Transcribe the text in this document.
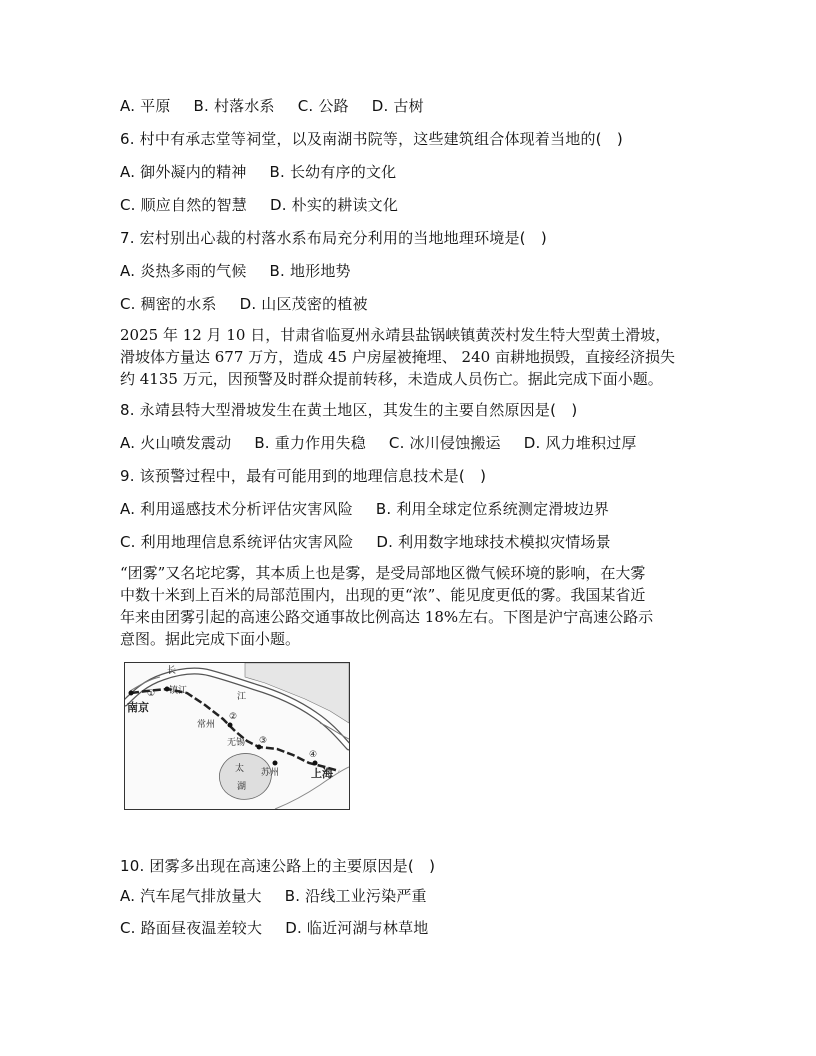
A. 平原 B. 村落水系 C. 公路 D. 古树
6. 村中有承志堂等祠堂，以及南湖书院等，这些建筑组合体现着当地的(　)
A. 御外凝内的精神 B. 长幼有序的文化
C. 顺应自然的智慧 D. 朴实的耕读文化
7. 宏村别出心裁的村落水系布局充分利用的当地地理环境是(　)
A. 炎热多雨的气候 B. 地形地势
C. 稠密的水系 D. 山区茂密的植被

2025 年 12 月 10 日，甘肃省临夏州永靖县盐锅峡镇黄茨村发生特大型黄土滑坡，

滑坡体方量达 677 万方，造成 45 户房屋被掩埋、 240 亩耕地损毁，直接经济损失

约 4135 万元，因预警及时群众提前转移，未造成人员伤亡。据此完成下面小题。

8. 永靖县特大型滑坡发生在黄土地区，其发生的主要自然原因是(　)
A. 火山喷发震动 B. 重力作用失稳 C. 冰川侵蚀搬运 D. 风力堆积过厚
9. 该预警过程中，最有可能用到的地理信息技术是(　)
A. 利用遥感技术分析评估灾害风险 B. 利用全球定位系统测定滑坡边界
C. 利用地理信息系统评估灾害风险 D. 利用数字地球技术模拟灾情场景

“团雾”又名坨坨雾，其本质上也是雾，是受局部地区微气候环境的影响，在大雾

中数十米到上百米的局部范围内，出现的更“浓”、能见度更低的雾。我国某省近

年来由团雾引起的高速公路交通事故比例高达 18%左右。下图是沪宁高速公路示

意图。据此完成下面小题。

长
江
南京
镇江
常州
无锡
苏州	上海
太
湖
①
②
③
④
10. 团雾多出现在高速公路上的主要原因是(　)
A. 汽车尾气排放量大 B. 沿线工业污染严重
C. 路面昼夜温差较大 D. 临近河湖与林草地
